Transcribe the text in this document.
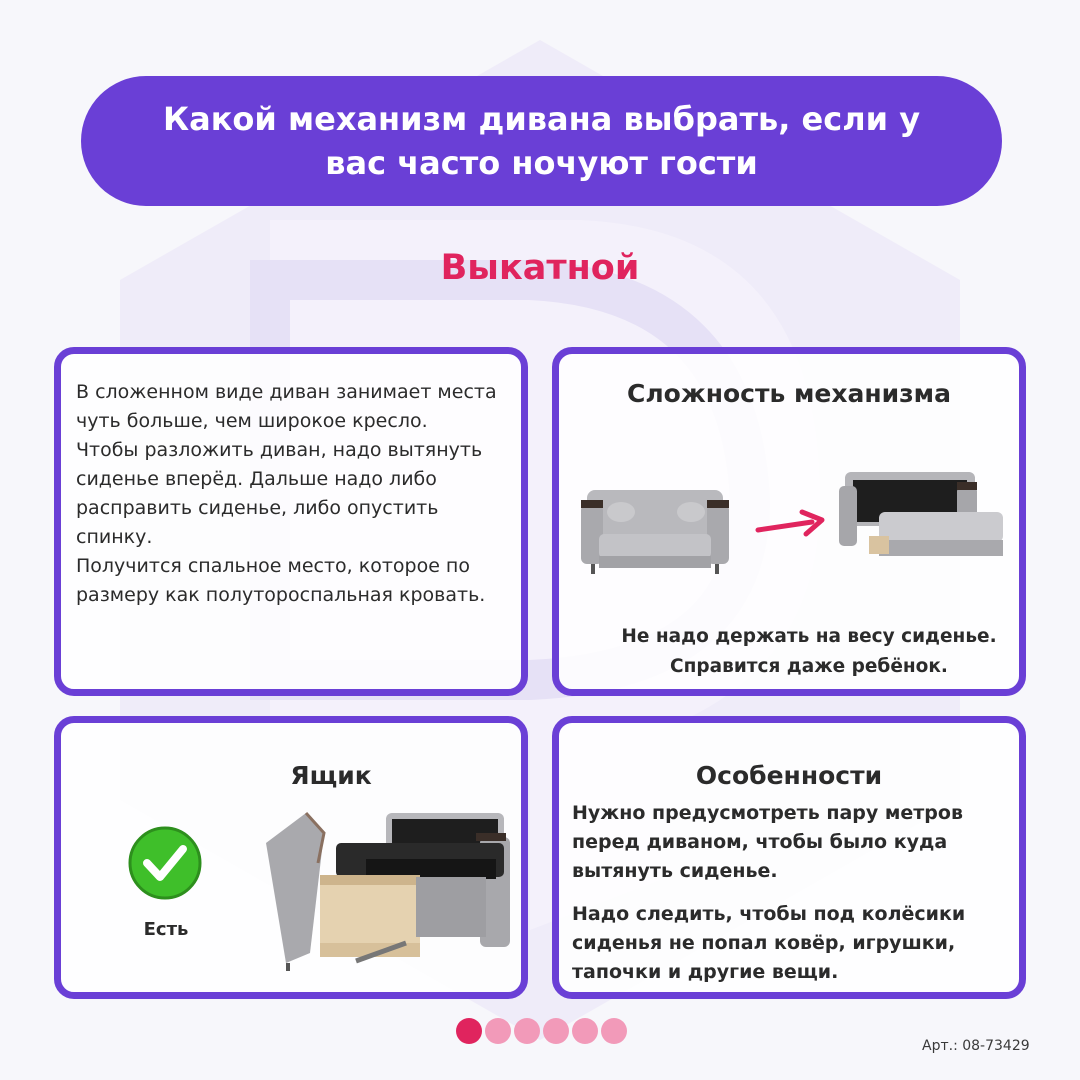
Какой механизм дивана выбрать, если у вас часто ночуют гости
Выкатной
В сложенном виде диван занимает места чуть больше, чем широкое кресло.
Чтобы разложить диван, надо вытянуть сиденье вперёд. Дальше надо либо расправить сиденье, либо опустить спинку.
Получится спальное место, которое по размеру как полутороспальная кровать.
Сложность механизма
Не надо держать на весу сиденье.
Справится даже ребёнок.
Ящик
Есть
Особенности
Нужно предусмотреть пару метров перед диваном, чтобы было куда вытянуть сиденье.
Надо следить, чтобы под колёсики сиденья не попал ковёр, игрушки, тапочки и другие вещи.
Арт.: 08-73429
